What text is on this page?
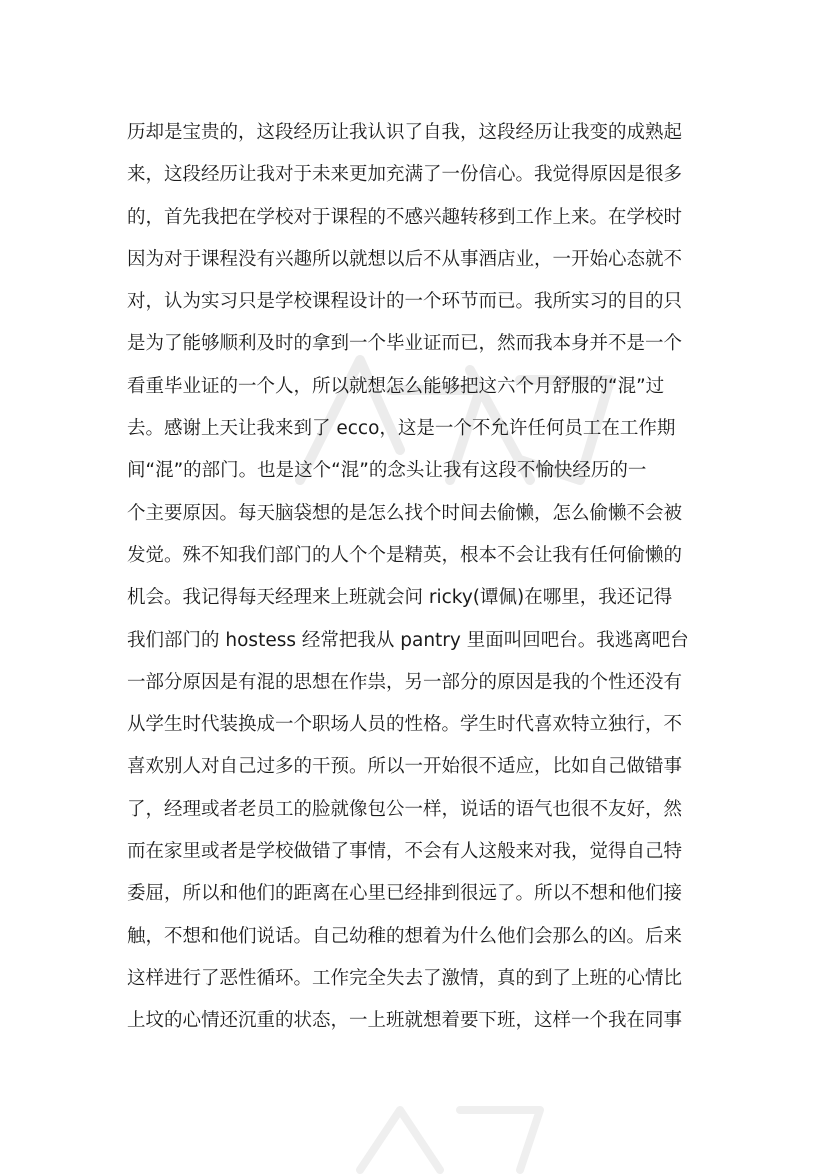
历却是宝贵的，这段经历让我认识了自我，这段经历让我变的成熟起
来，这段经历让我对于未来更加充满了一份信心。我觉得原因是很多
的，首先我把在学校对于课程的不感兴趣转移到工作上来。在学校时
因为对于课程没有兴趣所以就想以后不从事酒店业，一开始心态就不
对，认为实习只是学校课程设计的一个环节而已。我所实习的目的只
是为了能够顺利及时的拿到一个毕业证而已，然而我本身并不是一个
看重毕业证的一个人，所以就想怎么能够把这六个月舒服的“混”过
去。感谢上天让我来到了 ecco，这是一个不允许任何员工在工作期
间“混”的部门。也是这个“混”的念头让我有这段不愉快经历的一
个主要原因。每天脑袋想的是怎么找个时间去偷懒，怎么偷懒不会被
发觉。殊不知我们部门的人个个是精英，根本不会让我有任何偷懒的
机会。我记得每天经理来上班就会问 ricky(谭佩)在哪里，我还记得
我们部门的 hostess 经常把我从 pantry 里面叫回吧台。我逃离吧台
一部分原因是有混的思想在作祟，另一部分的原因是我的个性还没有
从学生时代装换成一个职场人员的性格。学生时代喜欢特立独行，不
喜欢别人对自己过多的干预。所以一开始很不适应，比如自己做错事
了，经理或者老员工的脸就像包公一样，说话的语气也很不友好，然
而在家里或者是学校做错了事情，不会有人这般来对我，觉得自己特
委屈，所以和他们的距离在心里已经排到很远了。所以不想和他们接
触，不想和他们说话。自己幼稚的想着为什么他们会那么的凶。后来
这样进行了恶性循环。工作完全失去了激情，真的到了上班的心情比
上坟的心情还沉重的状态，一上班就想着要下班，这样一个我在同事
